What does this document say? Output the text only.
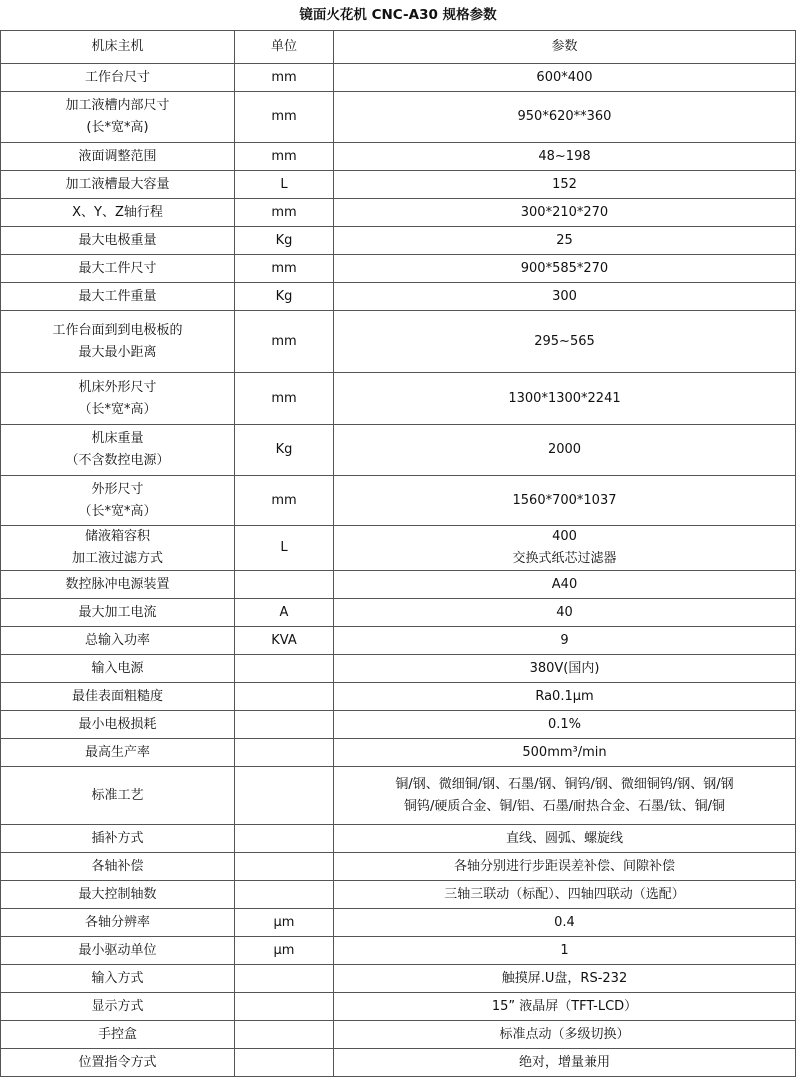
镜面火花机 CNC-A30 规格参数
机床主机	单位	参数

工作台尺寸	mm	600*400

加工液槽内部尺寸
(长*宽*高)	mm	950*620**360

液面调整范围	mm	48~198

加工液槽最大容量	L	152

X、Y、Z轴行程	mm	300*210*270

最大电极重量	Kg	25

最大工件尺寸	mm	900*585*270

最大工件重量	Kg	300

工作台面到到电极板的
最大最小距离	mm	295~565

机床外形尺寸
（长*宽*高）	mm	1300*1300*2241

机床重量
（不含数控电源）	Kg	2000

外形尺寸
（长*宽*高）	mm	1560*700*1037

储液箱容积
加工液过滤方式	L	400
交换式纸芯过滤器

数控脉冲电源装置		A40

最大加工电流	A	40

总输入功率	KVA	9

输入电源		380V(国内)

最佳表面粗糙度		Ra0.1μm

最小电极损耗		0.1%

最高生产率		500mm³/min

标准工艺		铜/钢、微细铜/钢、石墨/钢、铜钨/钢、微细铜钨/钢、钢/钢
铜钨/硬质合金、铜/铝、石墨/耐热合金、石墨/钛、铜/铜

插补方式		直线、圆弧、螺旋线

各轴补偿		各轴分别进行步距误差补偿、间隙补偿

最大控制轴数		三轴三联动（标配）、四轴四联动（选配）

各轴分辨率	μm	0.4

最小驱动单位	μm	1

输入方式		触摸屏.U盘，RS-232

显示方式		15” 液晶屏（TFT-LCD）

手控盒		标准点动（多级切换）

位置指令方式		绝对，增量兼用
